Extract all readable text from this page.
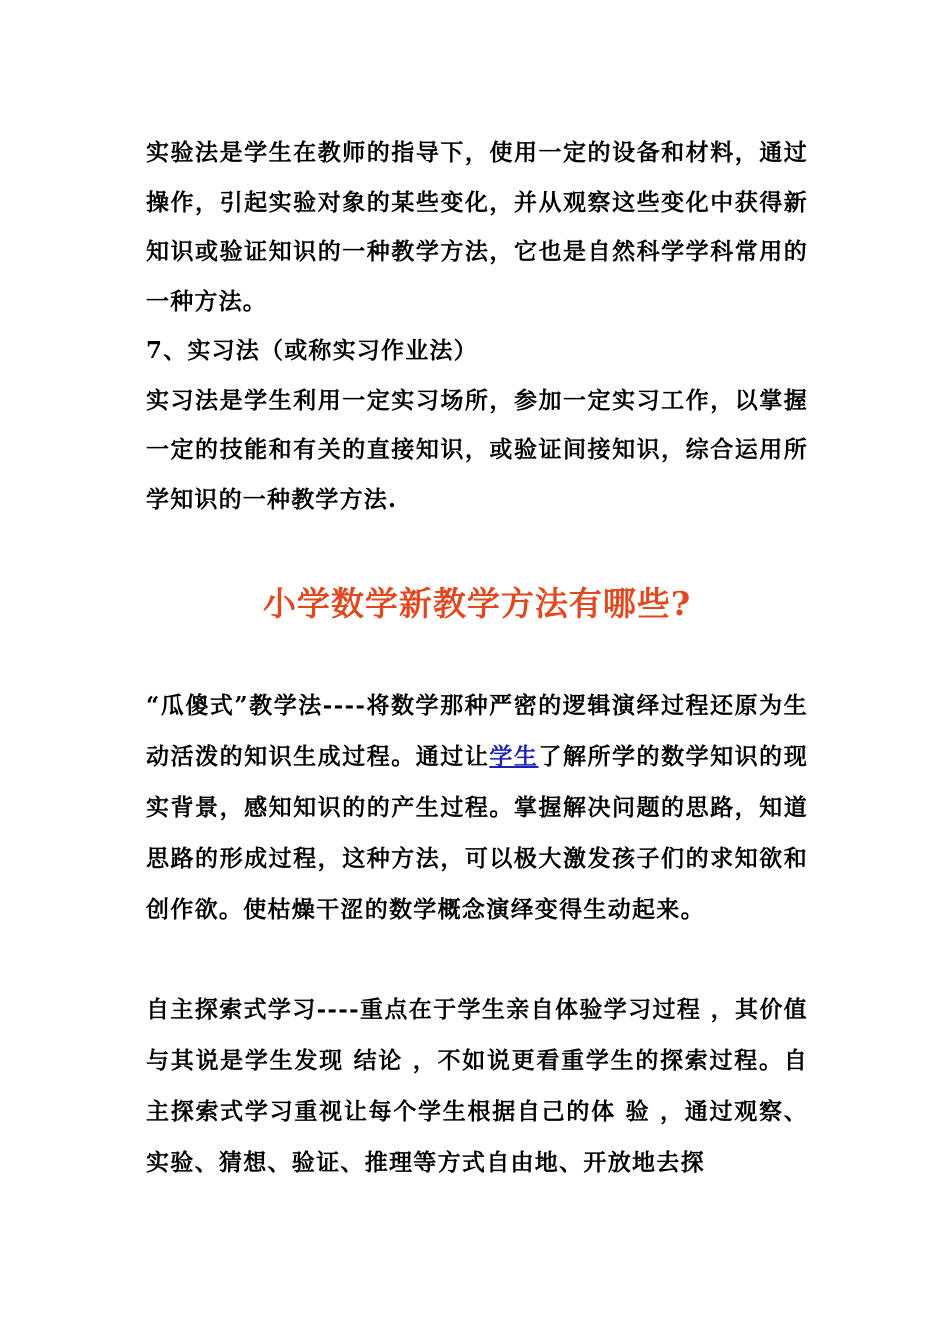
实验法是学生在教师的指导下，使用一定的设备和材料，通过操作，引起实验对象的某些变化，并从观察这些变化中获得新知识或验证知识的一种教学方法，它也是自然科学学科常用的一种方法。

7、实习法（或称实习作业法）

实习法是学生利用一定实习场所，参加一定实习工作，以掌握一定的技能和有关的直接知识，或验证间接知识，综合运用所学知识的一种教学方法.

小学数学新教学方法有哪些?

“瓜傻式”教学法----将数学那种严密的逻辑演绎过程还原为生动活泼的知识生成过程。通过让学生了解所学的数学知识的现实背景，感知知识的的产生过程。掌握解决问题的思路，知道思路的形成过程，这种方法，可以极大激发孩子们的求知欲和创作欲。使枯燥干涩的数学概念演绎变得生动起来。

自主探索式学习----重点在于学生亲自体验学习过程 ，其价值与其说是学生发现 结论 ，不如说更看重学生的探索过程。自主探索式学习重视让每个学生根据自己的体 验 ，通过观察、实验、猜想、验证、推理等方式自由地、开放地去探
